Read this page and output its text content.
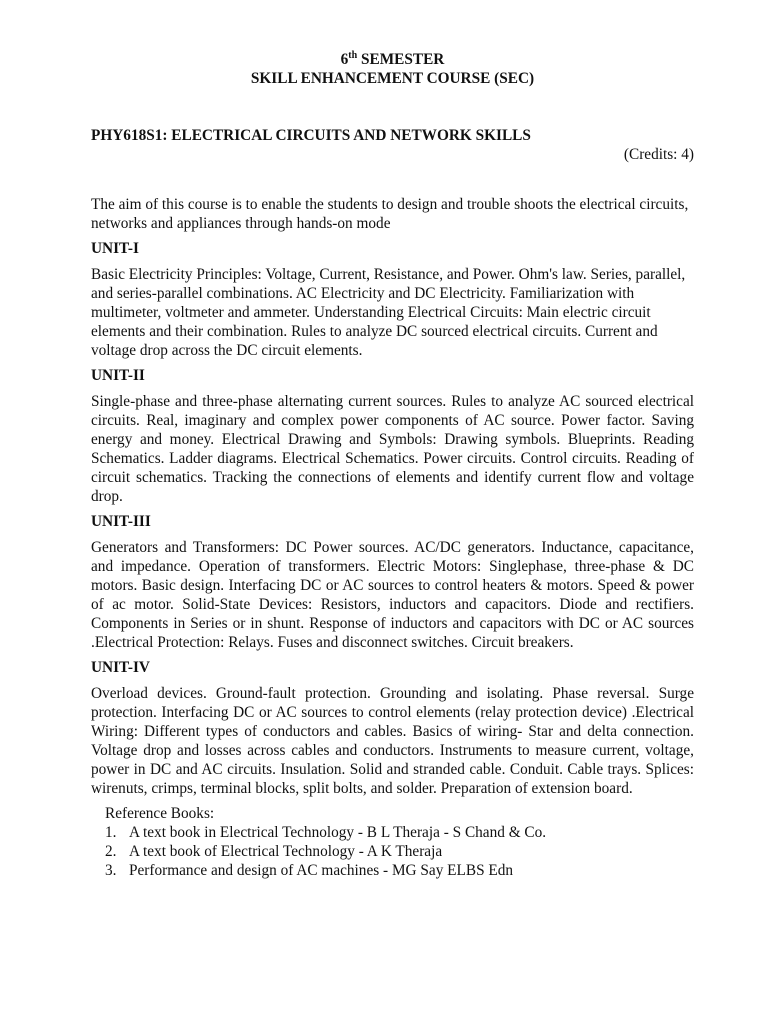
6th SEMESTER
SKILL ENHANCEMENT COURSE (SEC)
PHY618S1: ELECTRICAL CIRCUITS AND NETWORK SKILLS
(Credits: 4)

The aim of this course is to enable the students to design and trouble shoots the electrical circuits, networks and appliances through hands-on mode

UNIT-I

Basic Electricity Principles: Voltage, Current, Resistance, and Power. Ohm's law. Series, parallel, and series-parallel combinations. AC Electricity and DC Electricity. Familiarization with multimeter, voltmeter and ammeter. Understanding Electrical Circuits: Main electric circuit elements and their combination. Rules to analyze DC sourced electrical circuits. Current and voltage drop across the DC circuit elements.

UNIT-II

Single-phase and three-phase alternating current sources. Rules to analyze AC sourced electrical circuits. Real, imaginary and complex power components of AC source. Power factor. Saving energy and money. Electrical Drawing and Symbols: Drawing symbols. Blueprints. Reading Schematics. Ladder diagrams. Electrical Schematics. Power circuits. Control circuits. Reading of circuit schematics. Tracking the connections of elements and identify current flow and voltage drop.

UNIT-III

Generators and Transformers: DC Power sources. AC/DC generators. Inductance, capacitance, and impedance. Operation of transformers. Electric Motors: Singlephase, three-phase & DC motors. Basic design. Interfacing DC or AC sources to control heaters & motors. Speed & power of ac motor. Solid-State Devices: Resistors, inductors and capacitors. Diode and rectifiers. Components in Series or in shunt. Response of inductors and capacitors with DC or AC sources .Electrical Protection: Relays. Fuses and disconnect switches. Circuit breakers.

UNIT-IV

Overload devices. Ground-fault protection. Grounding and isolating. Phase reversal. Surge protection. Interfacing DC or AC sources to control elements (relay protection device) .Electrical Wiring: Different types of conductors and cables. Basics of wiring- Star and delta connection. Voltage drop and losses across cables and conductors. Instruments to measure current, voltage, power in DC and AC circuits. Insulation. Solid and stranded cable. Conduit. Cable trays. Splices: wirenuts, crimps, terminal blocks, split bolts, and solder. Preparation of extension board.

Reference Books:
1. A text book in Electrical Technology - B L Theraja - S Chand & Co.
2. A text book of Electrical Technology - A K Theraja
3. Performance and design of AC machines - MG Say ELBS Edn
